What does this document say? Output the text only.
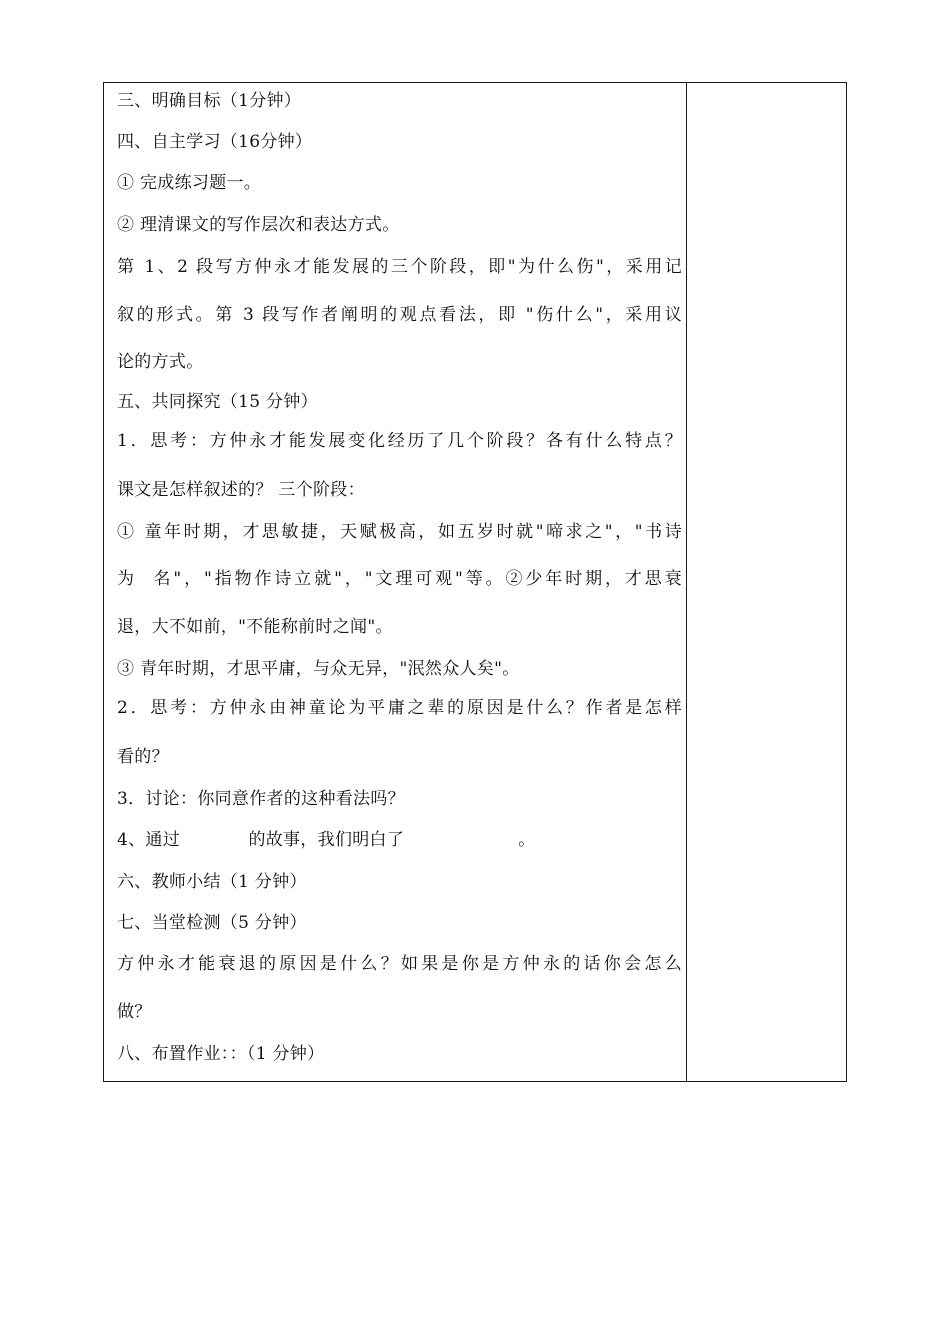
三、明确目标（1分钟）
四、自主学习（16分钟）
① 完成练习题一。
② 理清课文的写作层次和表达方式。
第 1、2 段写方仲永才能发展的三个阶段，即"为什么伤"，采用记
叙的形式。第 3 段写作者阐明的观点看法，即 "伤什么"，采用议
论的方式。
五、共同探究（15 分钟）
1．思考：方仲永才能发展变化经历了几个阶段？各有什么特点？
课文是怎样叙述的？ 三个阶段：
① 童年时期，才思敏捷，天赋极高，如五岁时就"啼求之"，"书诗
为  名"，"指物作诗立就"，"文理可观"等。②少年时期，才思衰
退，大不如前，"不能称前时之闻"。
③ 青年时期，才思平庸，与众无异，"泯然众人矣"。
2．思考：方仲永由神童论为平庸之辈的原因是什么？作者是怎样
看的？
3．讨论：你同意作者的这种看法吗？
4、通过            的故事，我们明白了                    。
六、教师小结（1 分钟）
七、当堂检测（5 分钟）
方仲永才能衰退的原因是什么？如果是你是方仲永的话你会怎么
做？
八、布置作业：：（1 分钟）
